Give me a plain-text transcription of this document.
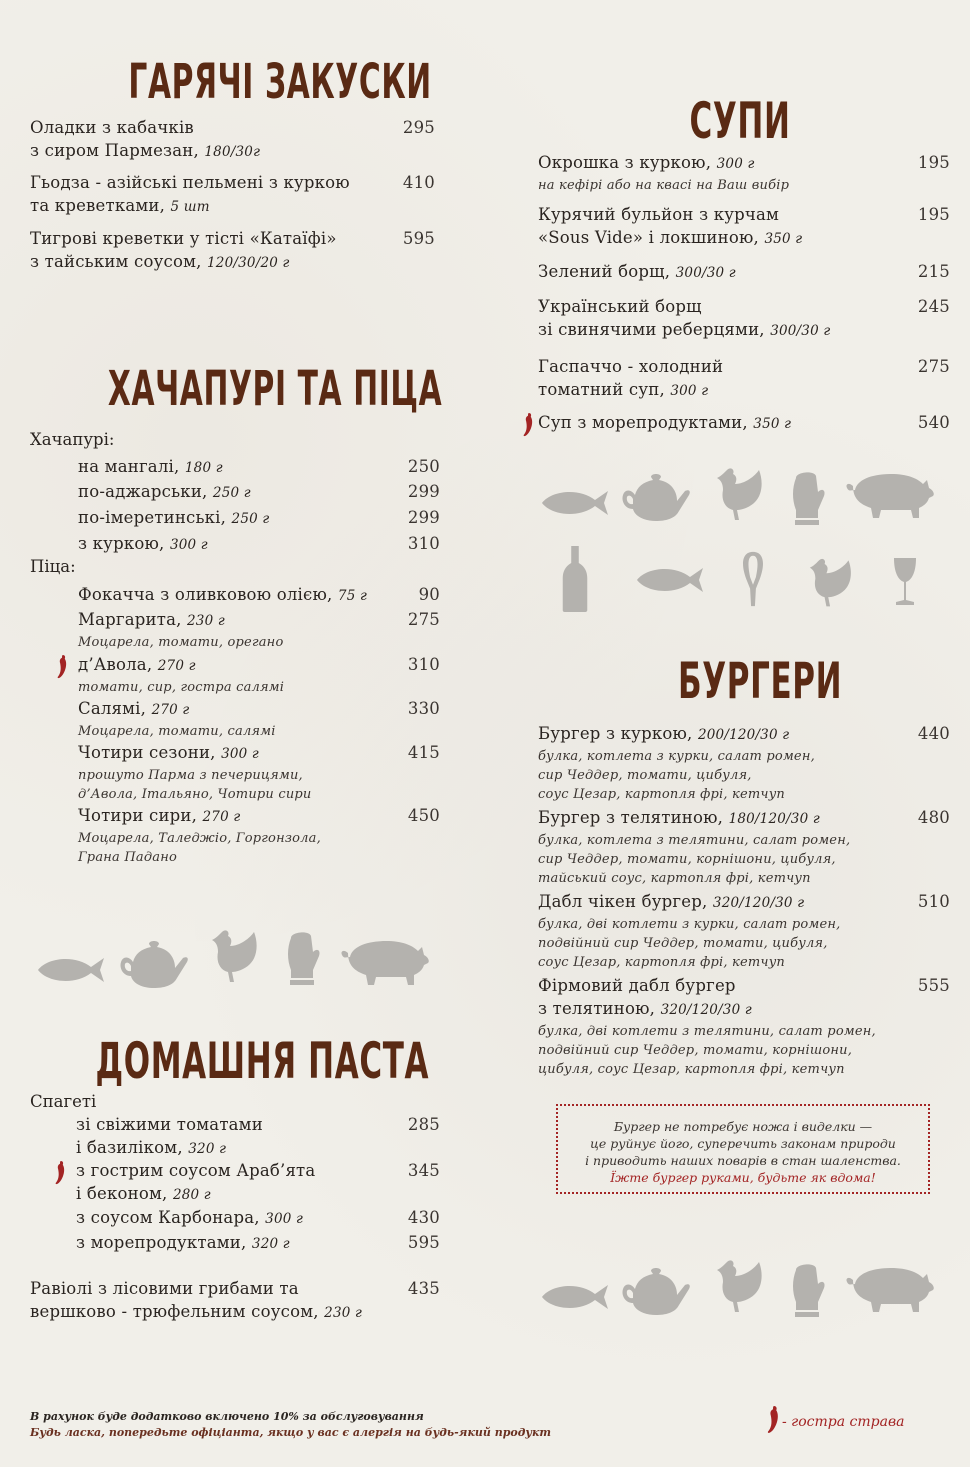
ГАРЯЧІ ЗАКУСКИ
Оладки з кабачків
з сиром Пармезан, 180/30г
295
Гьодза - азійські пельмені з куркою
та креветками, 5 шт
410
Тигрові креветки у тісті «Катаїфі»
з тайським соусом, 120/30/20 г
595
ХАЧАПУРІ ТА ПІЦА
Хачапурі:
на мангалі, 180 г	250
по-аджарськи, 250 г	299
по-імеретинські, 250 г	299
з куркою, 300 г	310
Піца:
Фокачча з оливковою олією, 75 г	90
Маргарита, 230 г	275
Моцарела, томати, орегано
д’Авола, 270 г	310
томати, сир, гостра салямі
Салямі, 270 г	330
Моцарела, томати, салямі
Чотири сезони, 300 г	415
прошуто Парма з печерицями,
д’Авола, Італьяно, Чотири сири
Чотири сири, 270 г	450
Моцарела, Таледжіо, Горгонзола,
Грана Падано
ДОМАШНЯ ПАСТА
Спагеті
зі свіжими томатами
і базиліком, 320 г
285
з гострим соусом Араб’ята
і беконом, 280 г
345
з соусом Карбонара, 300 г	430
з морепродуктами, 320 г	595
Равіолі з лісовими грибами та
вершково - трюфельним соусом, 230 г
435
СУПИ
Окрошка з куркою, 300 г
на кефірі або на квасі на Ваш вибір
195
Курячий бульйон з курчам
«Sous Vide» і локшиною, 350 г
195
Зелений борщ, 300/30 г	215
Український борщ
зі свинячими реберцями, 300/30 г
245
Гаспаччо - холодний
томатний суп, 300 г
275
Суп з морепродуктами, 350 г	540
БУРГЕРИ
Бургер з куркою, 200/120/30 г
булка, котлета з курки, салат ромен,
сир Чеддер, томати, цибуля,
соус Цезар, картопля фрі, кетчуп
440
Бургер з телятиною, 180/120/30 г
булка, котлета з телятини, салат ромен,
сир Чеддер, томати, корнішони, цибуля,
тайський соус, картопля фрі, кетчуп
480
Дабл чікен бургер, 320/120/30 г
булка, дві котлети з курки, салат ромен,
подвійний сир Чеддер, томати, цибуля,
соус Цезар, картопля фрі, кетчуп
510
Фірмовий дабл бургер
з телятиною, 320/120/30 г
булка, дві котлети з телятини, салат ромен,
подвійний сир Чеддер, томати, корнішони,
цибуля, соус Цезар, картопля фрі, кетчуп
555
Бургер не потребує ножа і виделки —
це руйнує його, суперечить законам природи
і приводить наших поварів в стан шаленства.
Їжте бургер руками, будьте як вдома!
В рахунок буде додатково включено 10% за обслуговування
Будь ласка, попередьте офіціанта, якщо у вас є алергія на будь-який продукт
- гостра страва
